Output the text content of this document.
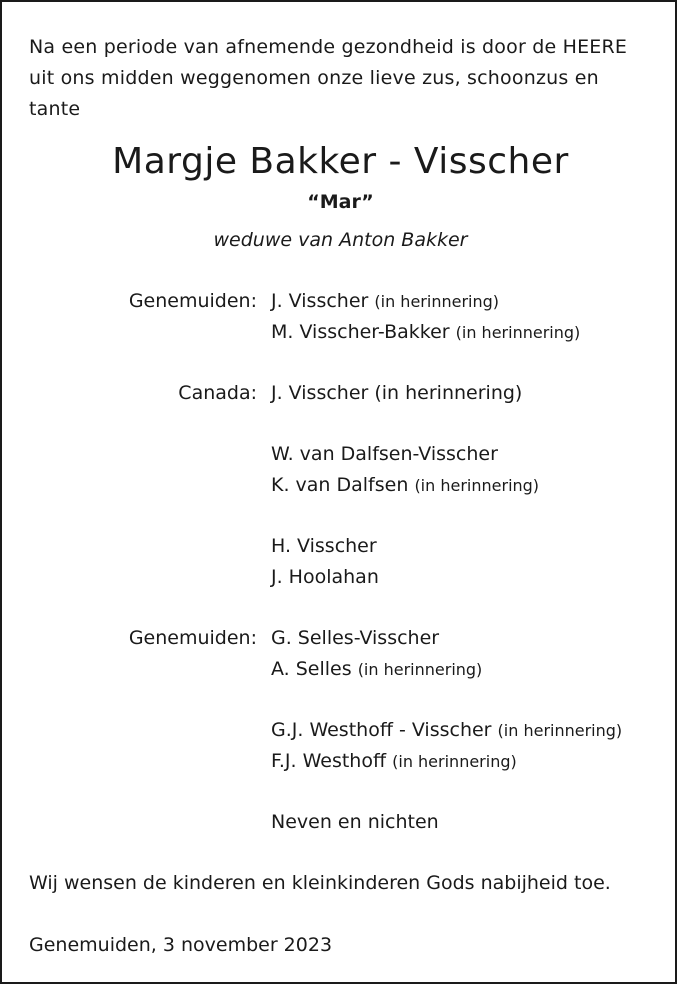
Na een periode van afnemende gezondheid is door de HEERE
uit ons midden weggenomen onze lieve zus, schoonzus en
tante
Margje Bakker - Visscher
“Mar”
weduwe van Anton Bakker
Genemuiden: J. Visscher (in herinnering)
M. Visscher-Bakker (in herinnering)
Canada: J. Visscher (in herinnering)
W. van Dalfsen-Visscher
K. van Dalfsen (in herinnering)
H. Visscher
J. Hoolahan
Genemuiden: G. Selles-Visscher
A. Selles (in herinnering)
G.J. Westhoff - Visscher (in herinnering)
F.J. Westhoff (in herinnering)
Neven en nichten
Wij wensen de kinderen en kleinkinderen Gods nabijheid toe.
Genemuiden, 3 november 2023
